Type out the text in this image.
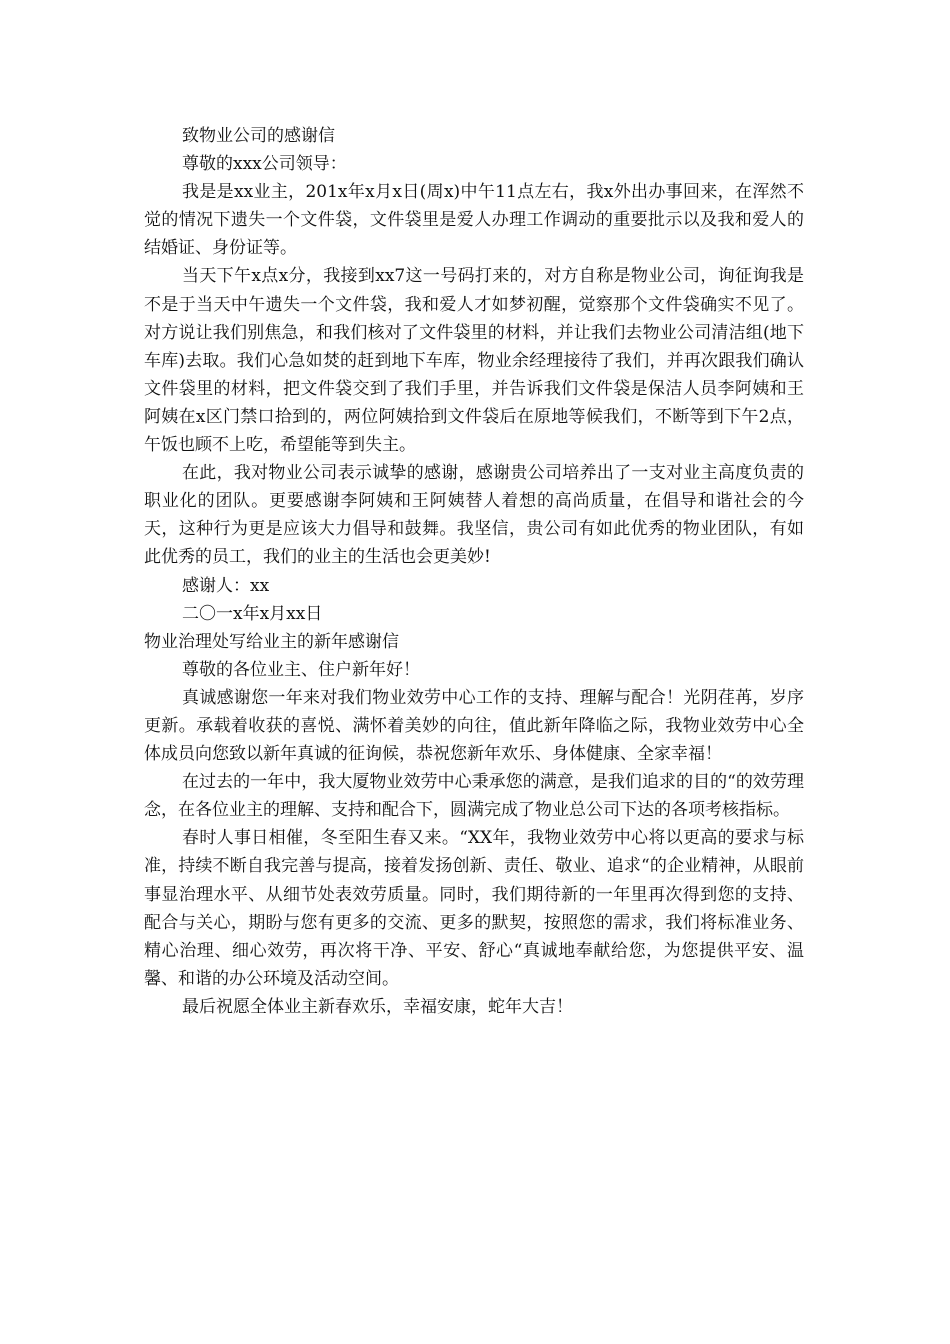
致物业公司的感谢信

尊敬的xxx公司领导：

我是是xx业主，201x年x月x日(周x)中午11点左右，我x外出办事回来，在浑然不觉的情况下遗失一个文件袋，文件袋里是爱人办理工作调动的重要批示以及我和爱人的结婚证、身份证等。

当天下午x点x分，我接到xx7这一号码打来的，对方自称是物业公司，询征询我是不是于当天中午遗失一个文件袋，我和爱人才如梦初醒，觉察那个文件袋确实不见了。对方说让我们别焦急，和我们核对了文件袋里的材料，并让我们去物业公司清洁组(地下车库)去取。我们心急如焚的赶到地下车库，物业余经理接待了我们，并再次跟我们确认文件袋里的材料，把文件袋交到了我们手里，并告诉我们文件袋是保洁人员李阿姨和王阿姨在x区门禁口拾到的，两位阿姨拾到文件袋后在原地等候我们，不断等到下午2点，午饭也顾不上吃，希望能等到失主。

在此，我对物业公司表示诚挚的感谢，感谢贵公司培养出了一支对业主高度负责的职业化的团队。更要感谢李阿姨和王阿姨替人着想的高尚质量，在倡导和谐社会的今天，这种行为更是应该大力倡导和鼓舞。我坚信，贵公司有如此优秀的物业团队，有如此优秀的员工，我们的业主的生活也会更美妙!

感谢人：xx

二〇一x年x月xx日

物业治理处写给业主的新年感谢信

尊敬的各位业主、住户新年好！

真诚感谢您一年来对我们物业效劳中心工作的支持、理解与配合！光阴荏苒，岁序更新。承载着收获的喜悦、满怀着美妙的向往，值此新年降临之际，我物业效劳中心全体成员向您致以新年真诚的征询候，恭祝您新年欢乐、身体健康、全家幸福！

在过去的一年中，我大厦物业效劳中心秉承您的满意，是我们追求的目的“的效劳理念，在各位业主的理解、支持和配合下，圆满完成了物业总公司下达的各项考核指标。

春时人事日相催，冬至阳生春又来。“XX年，我物业效劳中心将以更高的要求与标准，持续不断自我完善与提高，接着发扬创新、责任、敬业、追求“的企业精神，从眼前事显治理水平、从细节处表效劳质量。同时，我们期待新的一年里再次得到您的支持、配合与关心，期盼与您有更多的交流、更多的默契，按照您的需求，我们将标准业务、精心治理、细心效劳，再次将干净、平安、舒心“真诚地奉献给您，为您提供平安、温馨、和谐的办公环境及活动空间。

最后祝愿全体业主新春欢乐，幸福安康，蛇年大吉！
